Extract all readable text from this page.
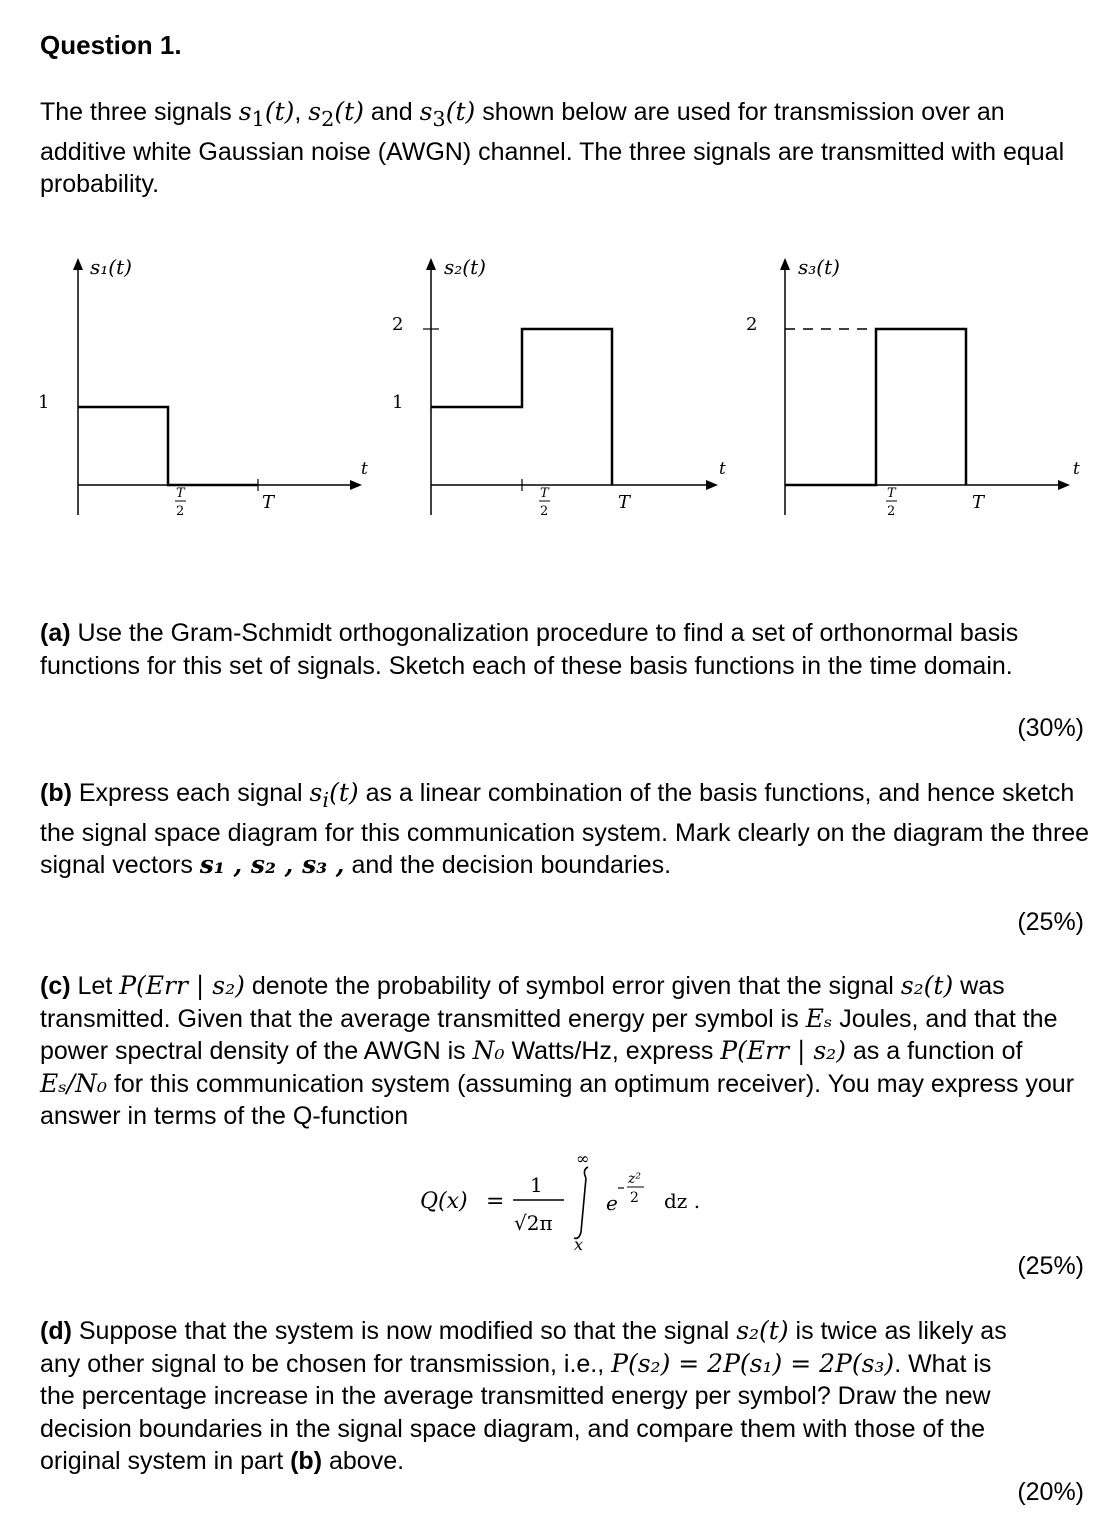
Question 1.
The three signals $s_1(t)$, $s_2(t)$ and $s_3(t)$ shown below are used for transmission over an additive white Gaussian noise (AWGN) channel. The three signals are transmitted with equal probability.
s₁(t)
1
t
T
2	T
s₂(t)
2
1
t
T
2	T
s₃(t)
2
t
T
2	T
(a) Use the Gram-Schmidt orthogonalization procedure to find a set of orthonormal basis functions for this set of signals. Sketch each of these basis functions in the time domain.
(30%)
(b) Express each signal $s_i(t)$ as a linear combination of the basis functions, and hence sketch the signal space diagram for this communication system. Mark clearly on the diagram the three signal vectors s₁ , s₂ , s₃ , and the decision boundaries.
(25%)
(c) Let P(Err | s₂) denote the probability of symbol error given that the signal s₂(t) was transmitted. Given that the average transmitted energy per symbol is Eₛ Joules, and that the power spectral density of the AWGN is N₀ Watts/Hz, express P(Err | s₂) as a function of Eₛ/N₀ for this communication system (assuming an optimum receiver). You may express your answer in terms of the Q-function
Q(x) =
1
√2π
∞
x
e
z²
2 dz .
(25%)
(d) Suppose that the system is now modified so that the signal s₂(t) is twice as likely as any other signal to be chosen for transmission, i.e., P(s₂) = 2P(s₁) = 2P(s₃). What is the percentage increase in the average transmitted energy per symbol? Draw the new decision boundaries in the signal space diagram, and compare them with those of the original system in part (b) above.
(20%)
